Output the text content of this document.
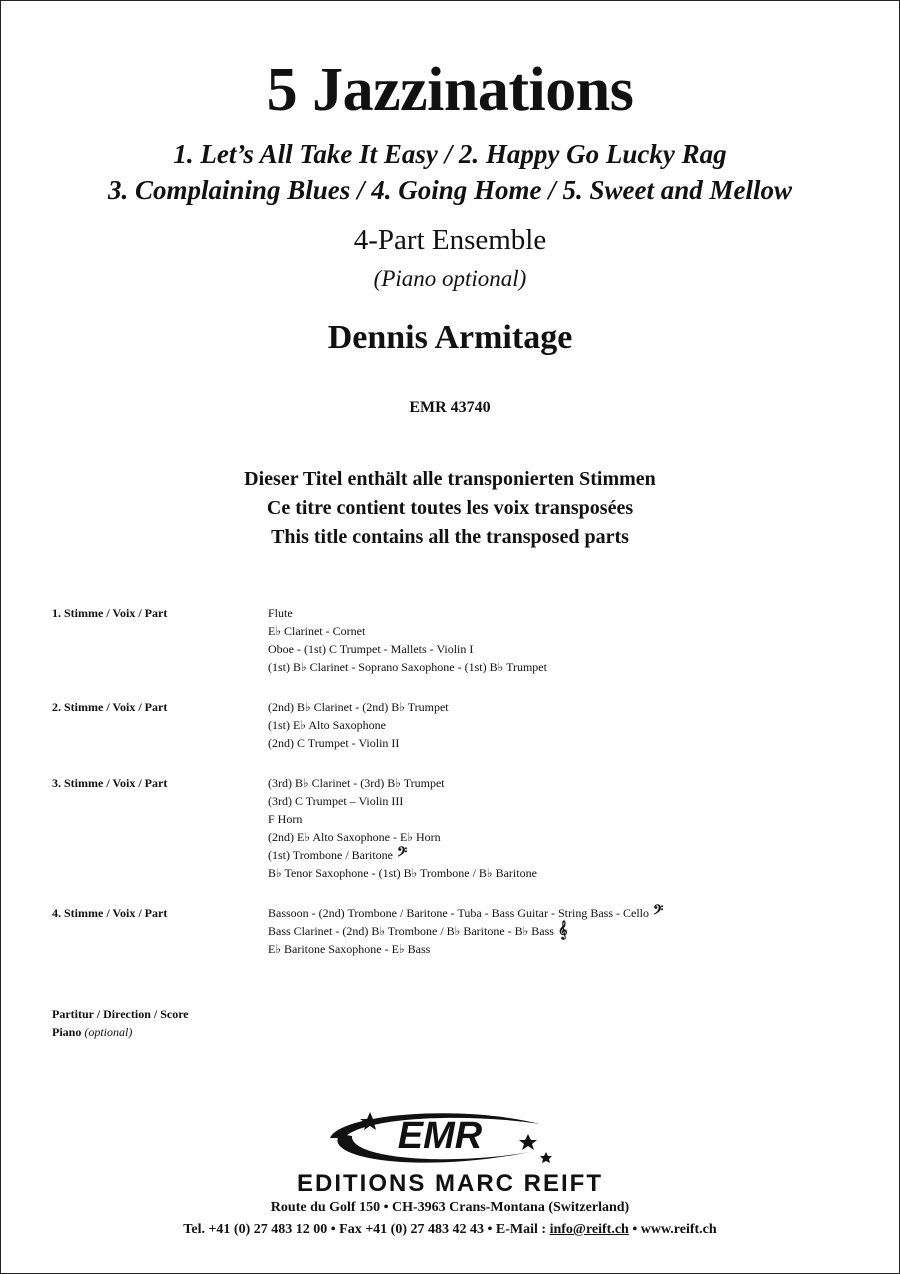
5 Jazzinations
1. Let’s All Take It Easy / 2. Happy Go Lucky Rag
3. Complaining Blues / 4. Going Home / 5. Sweet and Mellow
4-Part Ensemble
(Piano optional)
Dennis Armitage
EMR 43740
Dieser Titel enthält alle transponierten Stimmen
Ce titre contient toutes les voix transposées
This title contains all the transposed parts
1. Stimme / Voix / Part	Flute
E♭ Clarinet - Cornet
Oboe - (1st) C Trumpet - Mallets - Violin I
(1st) B♭ Clarinet - Soprano Saxophone - (1st) B♭ Trumpet
2. Stimme / Voix / Part	(2nd) B♭ Clarinet - (2nd) B♭ Trumpet
(1st) E♭ Alto Saxophone
(2nd) C Trumpet - Violin II
3. Stimme / Voix / Part	(3rd) B♭ Clarinet - (3rd) B♭ Trumpet
(3rd) C Trumpet – Violin III
F Horn
(2nd) E♭ Alto Saxophone - E♭ Horn
(1st) Trombone / Baritone 𝄢
B♭ Tenor Saxophone - (1st) B♭ Trombone / B♭ Baritone
4. Stimme / Voix / Part	Bassoon - (2nd) Trombone / Baritone - Tuba - Bass Guitar - String Bass - Cello 𝄢
Bass Clarinet - (2nd) B♭ Trombone / B♭ Baritone - B♭ Bass 𝄞
E♭ Baritone Saxophone - E♭ Bass
Partitur / Direction / Score
Piano (optional)
EMR
EDITIONS MARC REIFT
Route du Golf 150 • CH-3963 Crans-Montana (Switzerland)
Tel. +41 (0) 27 483 12 00 • Fax +41 (0) 27 483 42 43 • E-Mail : info@reift.ch • www.reift.ch
